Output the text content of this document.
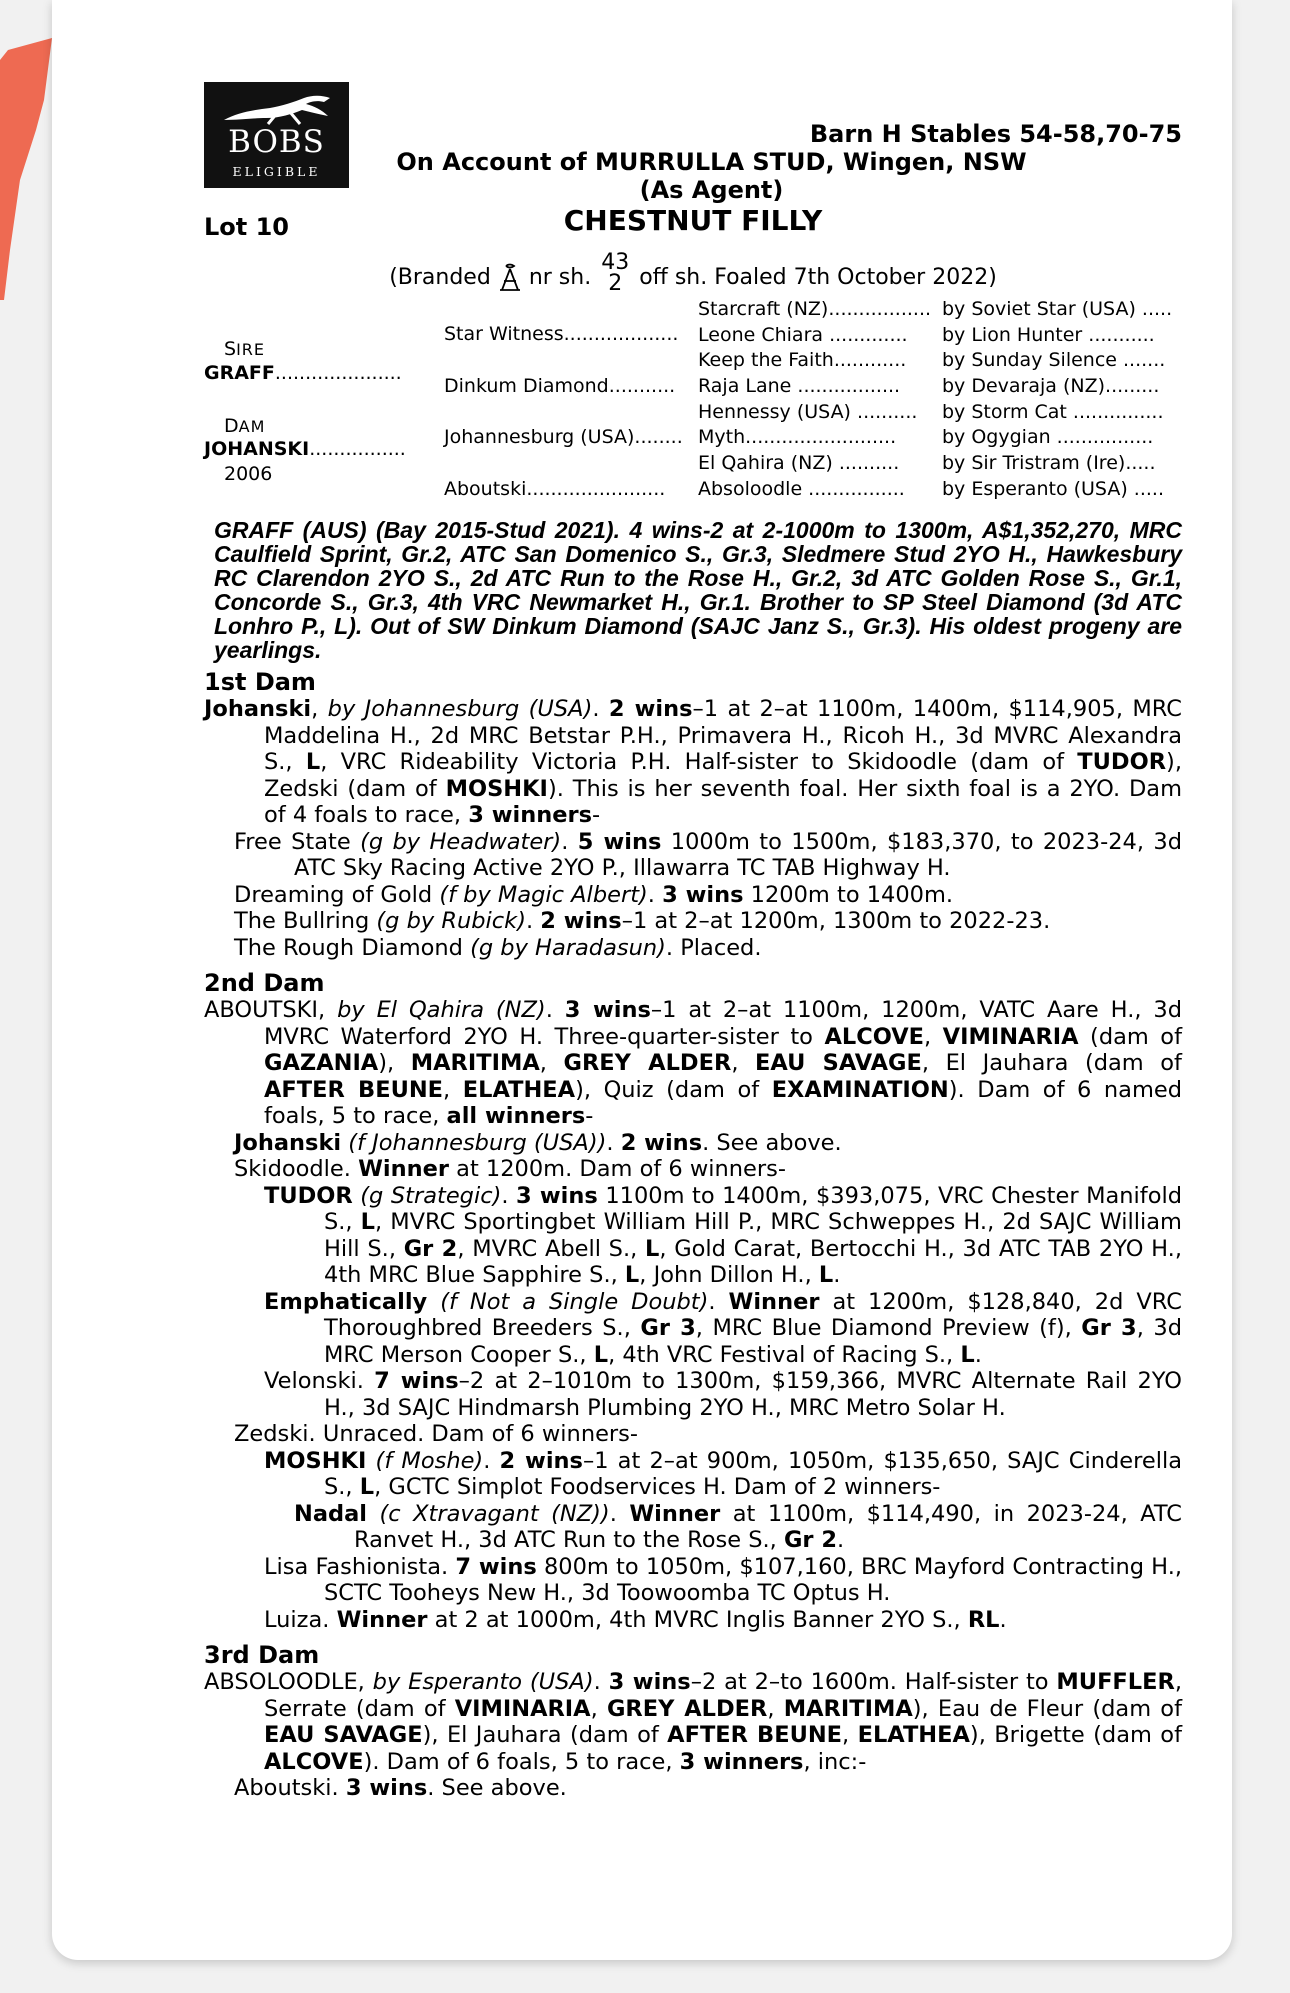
BOBS
ELIGIBLE
Barn H Stables 54-58,70-75
On Account of MURRULLA STUD, Wingen, NSW
(As Agent)
Lot 10	CHESTNUT FILLY
(Branded nr sh.
43
2 off sh. Foaled 7th October 2022)
SIRE
GRAFF.....................
DAM
JOHANSKI................
2006
Star Witness...................
Dinkum Diamond...........
Johannesburg (USA)........
Aboutski.......................
Starcraft (NZ).................
Leone Chiara .............
Keep the Faith............
Raja Lane .................
Hennessy (USA) ..........
Myth.........................
El Qahira (NZ) ..........
Absoloodle ................
by Soviet Star (USA) .....
by Lion Hunter ...........
by Sunday Silence .......
by Devaraja (NZ).........
by Storm Cat ...............
by Ogygian ................
by Sir Tristram (Ire).....
by Esperanto (USA) .....
GRAFF (AUS) (Bay 2015-Stud 2021). 4 wins-2 at 2-1000m to 1300m, A$1,352,270, MRC Caulfield Sprint, Gr.2, ATC San Domenico S., Gr.3, Sledmere Stud 2YO H., Hawkesbury RC Clarendon 2YO S., 2d ATC Run to the Rose H., Gr.2, 3d ATC Golden Rose S., Gr.1, Concorde S., Gr.3, 4th VRC Newmarket H., Gr.1. Brother to SP Steel Diamond (3d ATC Lonhro P., L). Out of SW Dinkum Diamond (SAJC Janz S., Gr.3). His oldest progeny are yearlings.
1st Dam
Johanski, by Johannesburg (USA). 2 wins–1 at 2–at 1100m, 1400m, $114,905, MRC Maddelina H., 2d MRC Betstar P.H., Primavera H., Ricoh H., 3d MVRC Alexandra S., L, VRC Rideability Victoria P.H. Half-sister to Skidoodle (dam of TUDOR), Zedski (dam of MOSHKI). This is her seventh foal. Her sixth foal is a 2YO. Dam of 4 foals to race, 3 winners-
Free State (g by Headwater). 5 wins 1000m to 1500m, $183,370, to 2023-24, 3d ATC Sky Racing Active 2YO P., Illawarra TC TAB Highway H.
Dreaming of Gold (f by Magic Albert). 3 wins 1200m to 1400m.
The Bullring (g by Rubick). 2 wins–1 at 2–at 1200m, 1300m to 2022-23.
The Rough Diamond (g by Haradasun). Placed.
2nd Dam
ABOUTSKI, by El Qahira (NZ). 3 wins–1 at 2–at 1100m, 1200m, VATC Aare H., 3d MVRC Waterford 2YO H. Three-quarter-sister to ALCOVE, VIMINARIA (dam of GAZANIA), MARITIMA, GREY ALDER, EAU SAVAGE, El Jauhara (dam of AFTER BEUNE, ELATHEA), Quiz (dam of EXAMINATION). Dam of 6 named foals, 5 to race, all winners-
Johanski (f Johannesburg (USA)). 2 wins. See above.
Skidoodle. Winner at 1200m. Dam of 6 winners-
TUDOR (g Strategic). 3 wins 1100m to 1400m, $393,075, VRC Chester Manifold S., L, MVRC Sportingbet William Hill P., MRC Schweppes H., 2d SAJC William Hill S., Gr 2, MVRC Abell S., L, Gold Carat, Bertocchi H., 3d ATC TAB 2YO H., 4th MRC Blue Sapphire S., L, John Dillon H., L.
Emphatically (f Not a Single Doubt). Winner at 1200m, $128,840, 2d VRC Thoroughbred Breeders S., Gr 3, MRC Blue Diamond Preview (f), Gr 3, 3d MRC Merson Cooper S., L, 4th VRC Festival of Racing S., L.
Velonski. 7 wins–2 at 2–1010m to 1300m, $159,366, MVRC Alternate Rail 2YO H., 3d SAJC Hindmarsh Plumbing 2YO H., MRC Metro Solar H.
Zedski. Unraced. Dam of 6 winners-
MOSHKI (f Moshe). 2 wins–1 at 2–at 900m, 1050m, $135,650, SAJC Cinderella S., L, GCTC Simplot Foodservices H. Dam of 2 winners-
Nadal (c Xtravagant (NZ)). Winner at 1100m, $114,490, in 2023-24, ATC Ranvet H., 3d ATC Run to the Rose S., Gr 2.
Lisa Fashionista. 7 wins 800m to 1050m, $107,160, BRC Mayford Contracting H., SCTC Tooheys New H., 3d Toowoomba TC Optus H.
Luiza. Winner at 2 at 1000m, 4th MVRC Inglis Banner 2YO S., RL.
3rd Dam
ABSOLOODLE, by Esperanto (USA). 3 wins–2 at 2–to 1600m. Half-sister to MUFFLER, Serrate (dam of VIMINARIA, GREY ALDER, MARITIMA), Eau de Fleur (dam of EAU SAVAGE), El Jauhara (dam of AFTER BEUNE, ELATHEA), Brigette (dam of ALCOVE). Dam of 6 foals, 5 to race, 3 winners, inc:-
Aboutski. 3 wins. See above.
